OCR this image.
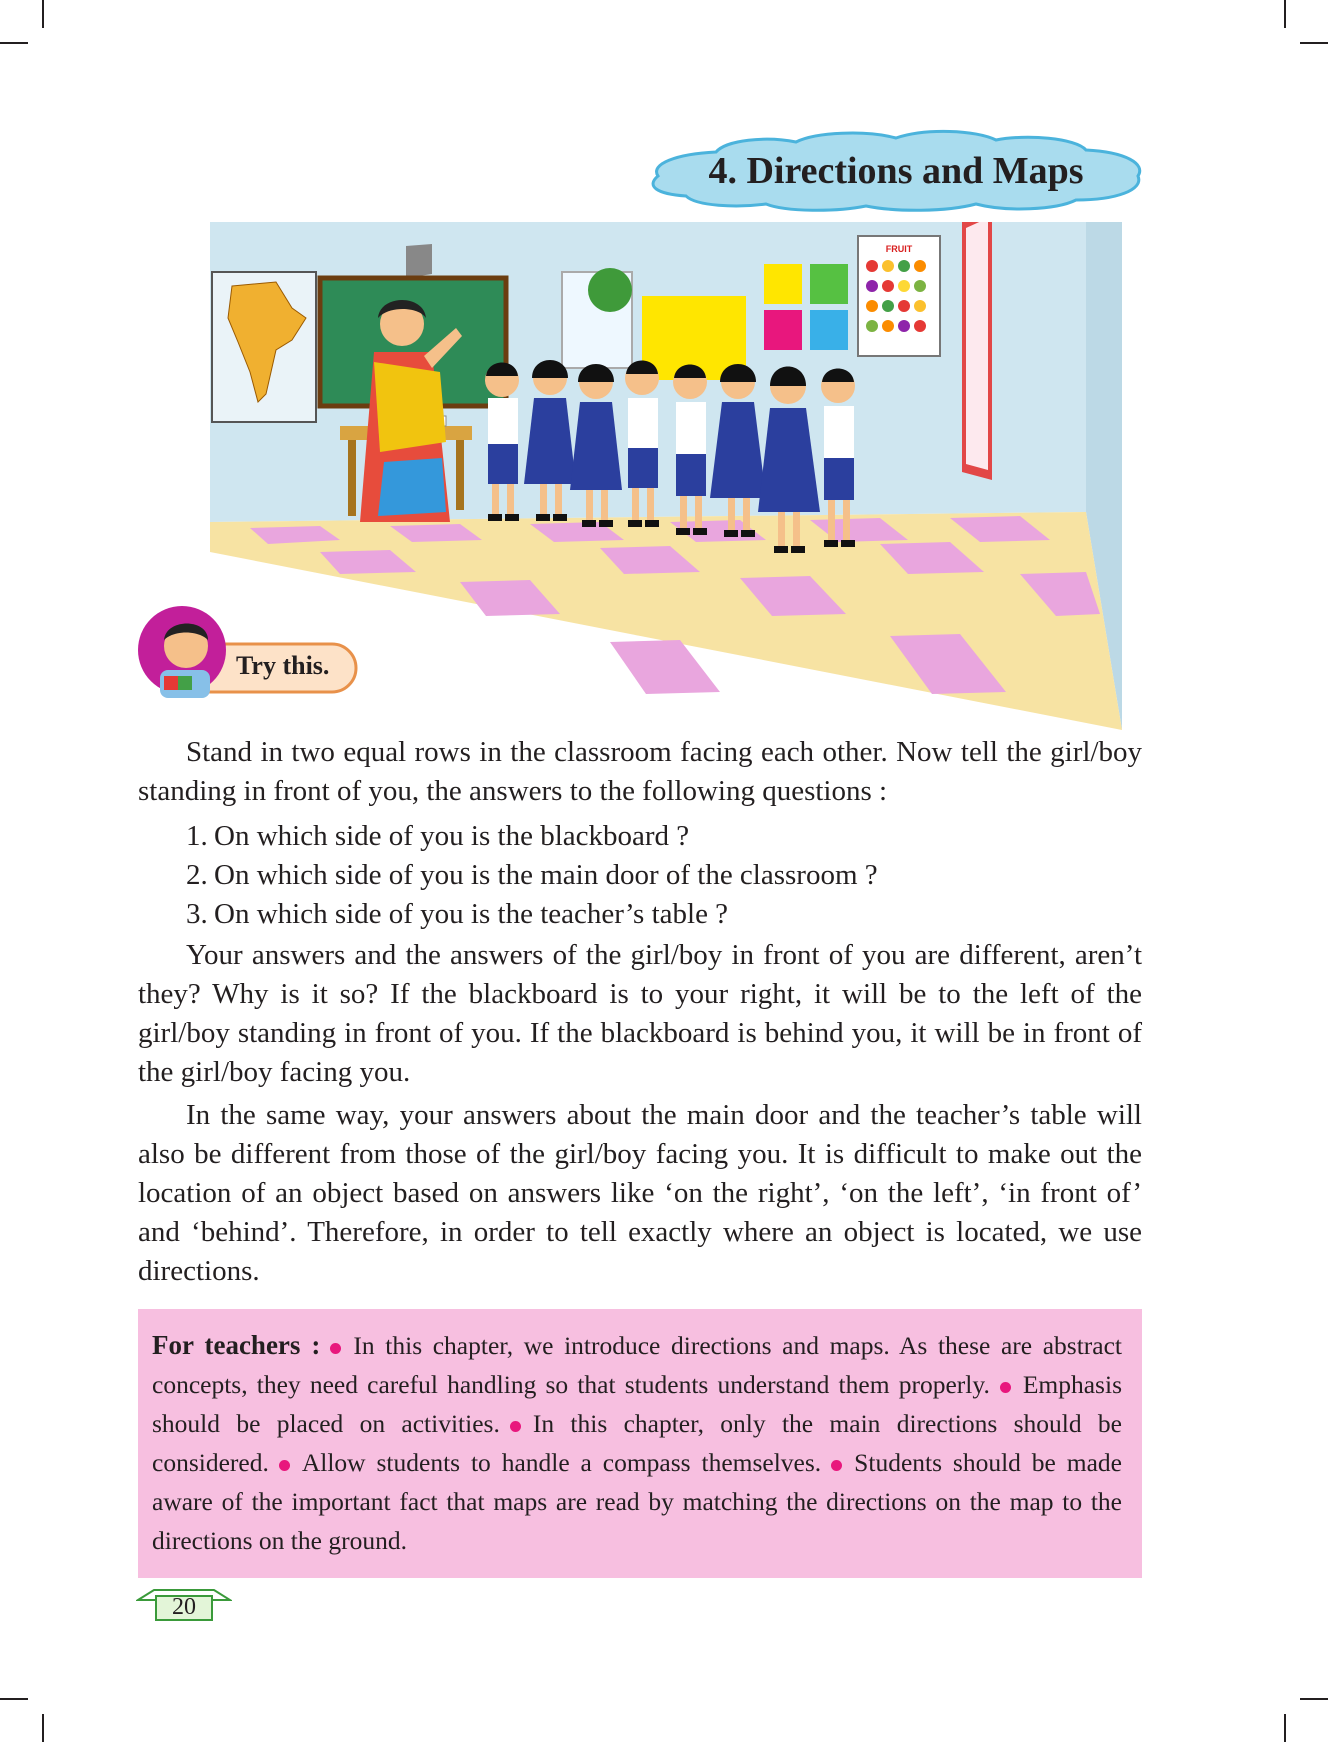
4. Directions and Maps
FRUIT
Try this.

Stand in two equal rows in the classroom facing each other. Now tell the girl/boy standing in front of you, the answers to the following questions :

1. On which side of you is the blackboard ?
2. On which side of you is the main door of the classroom ?
3. On which side of you is the teacher’s table ?

Your answers and the answers of the girl/boy in front of you are different, aren’t they? Why is it so? If the blackboard is to your right, it will be to the left of the girl/boy standing in front of you. If the blackboard is behind you, it will be in front of the girl/boy facing you.

In the same way, your answers about the main door and the teacher’s table will also be different from those of the girl/boy facing you. It is difficult to make out the location of an object based on answers like ‘on the right’, ‘on the left’, ‘in front of’ and ‘behind’. Therefore, in order to tell exactly where an object is located, we use directions.

For teachers : In this chapter, we introduce directions and maps. As these are abstract concepts, they need careful handling so that students understand them properly. Emphasis should be placed on activities. In this chapter, only the main directions should be considered. Allow students to handle a compass themselves. Students should be made aware of the important fact that maps are read by matching the directions on the map to the directions on the ground.

20
